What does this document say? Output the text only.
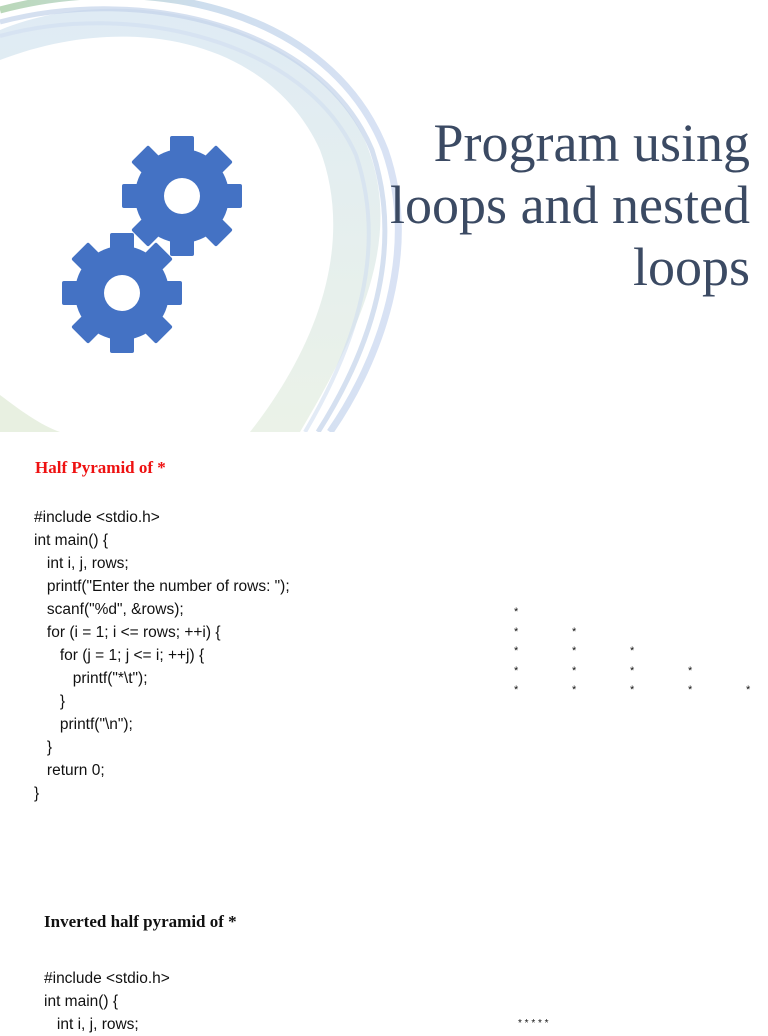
Program using
loops and nested
loops
Half Pyramid of *
#include <stdio.h>
int main() {
int i, j, rows;
printf("Enter the number of rows: ");
scanf("%d", &rows);
for (i = 1; i <= rows; ++i) {
for (j = 1; j <= i; ++j) {
printf("*\t");
}
printf("\n");
}
return 0;
}
*
*	*
*	*	*
*	*	*	*
*	*	*	*	*
Inverted half pyramid of *
#include <stdio.h>
int main() {
int i, j, rows;	* * * * *
